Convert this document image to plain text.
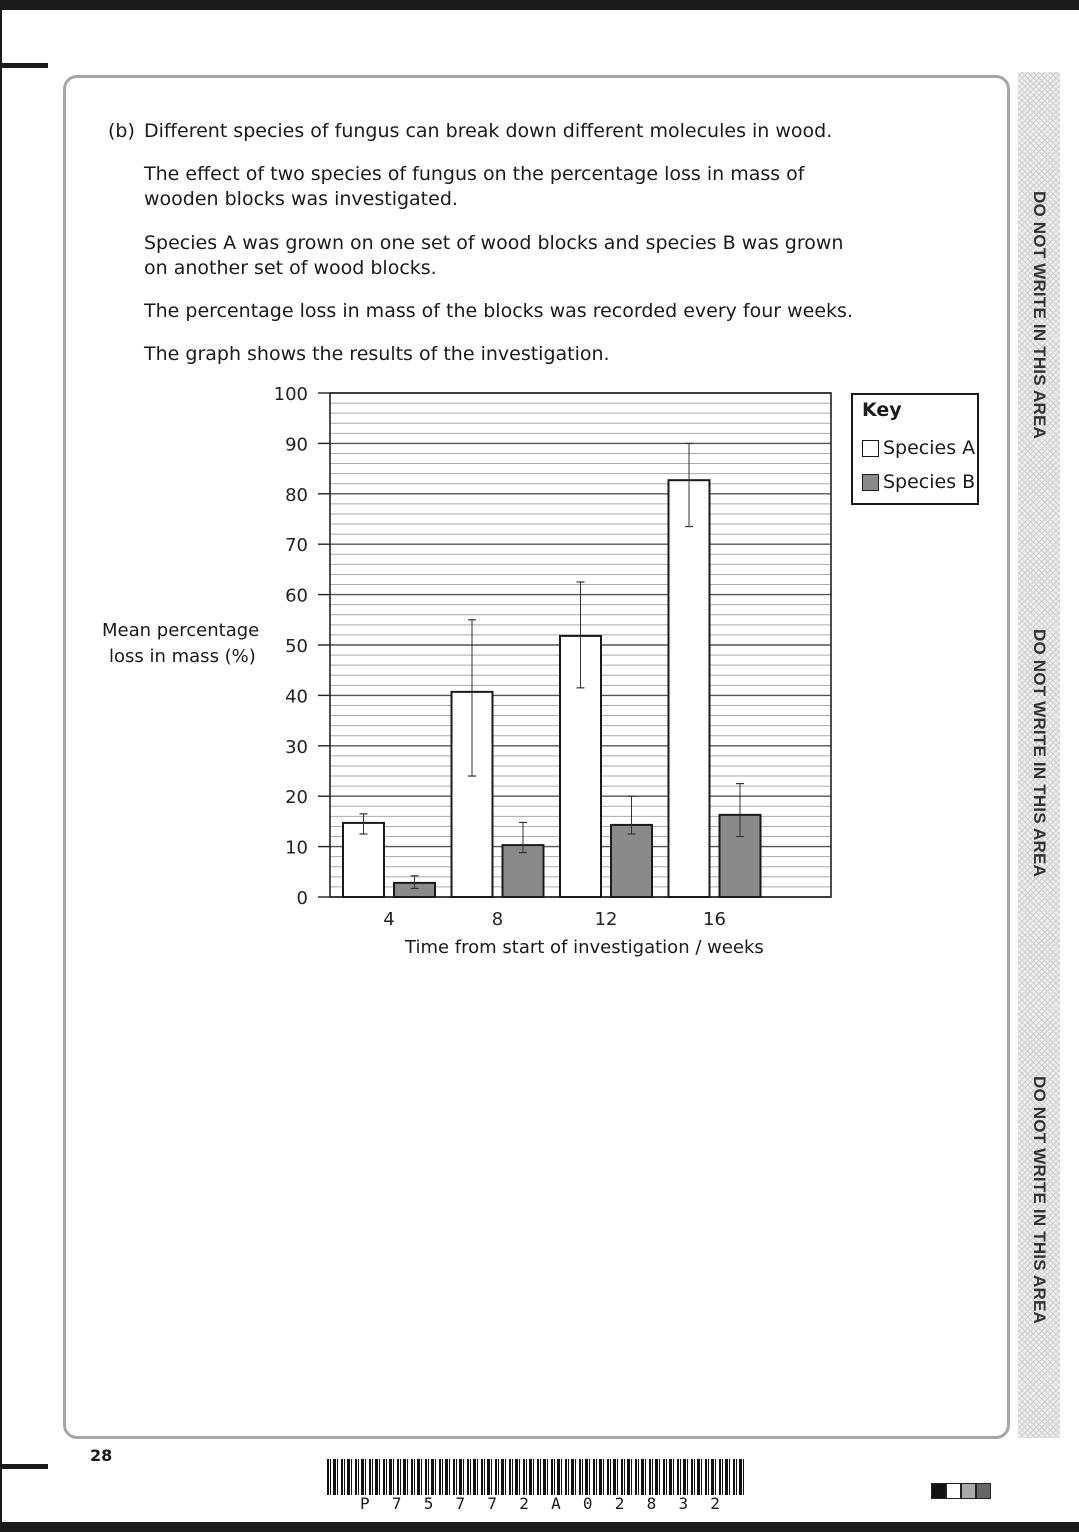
DO NOT WRITE IN THIS AREA
DO NOT WRITE IN THIS AREA
DO NOT WRITE IN THIS AREA
(b) Different species of fungus can break down different molecules in wood.
The effect of two species of fungus on the percentage loss in mass of wooden blocks was investigated.
Species A was grown on one set of wood blocks and species B was grown on another set of wood blocks.
The percentage loss in mass of the blocks was recorded every four weeks.
The graph shows the results of the investigation.
Mean percentage
loss in mass (%)
Time from start of investigation / weeks
0
10
20
30
40
50
60
70
80
90
100
4	8	12	16
Key
Species A
Species B
28
P 7 5 7 7 2 A 0 2 8 3 2
